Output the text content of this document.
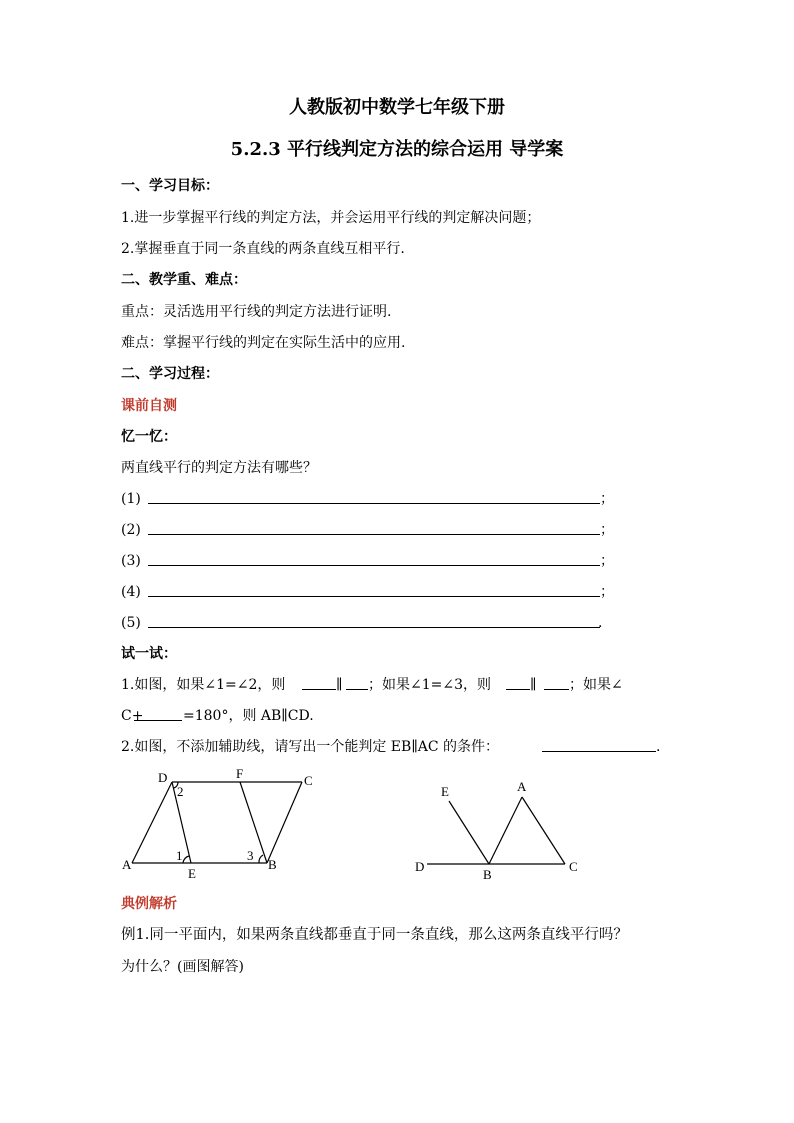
人教版初中数学七年级下册
5.2.3 平行线判定方法的综合运用 导学案
一、学习目标：
1.进一步掌握平行线的判定方法，并会运用平行线的判定解决问题；
2.掌握垂直于同一条直线的两条直线互相平行.
二、教学重、难点：
重点：灵活选用平行线的判定方法进行证明.
难点：掌握平行线的判定在实际生活中的应用.
二、学习过程：
课前自测
忆一忆：
两直线平行的判定方法有哪些？
(1)	；
(2)	；
(3)	；
(4)	；
(5)	.
试一试：
1.如图，如果∠1=∠2，则	∥ ；如果∠1=∠3，则	∥ ；如果∠
C+	=180°，则 AB∥CD.
2.如图，不添加辅助线，请写出一个能判定 EB∥AC 的条件：	.
D	F	C
A
E
B
1
2
3
E	A
D
B
C
典例解析
例1.同一平面内，如果两条直线都垂直于同一条直线，那么这两条直线平行吗？
为什么？(画图解答)
